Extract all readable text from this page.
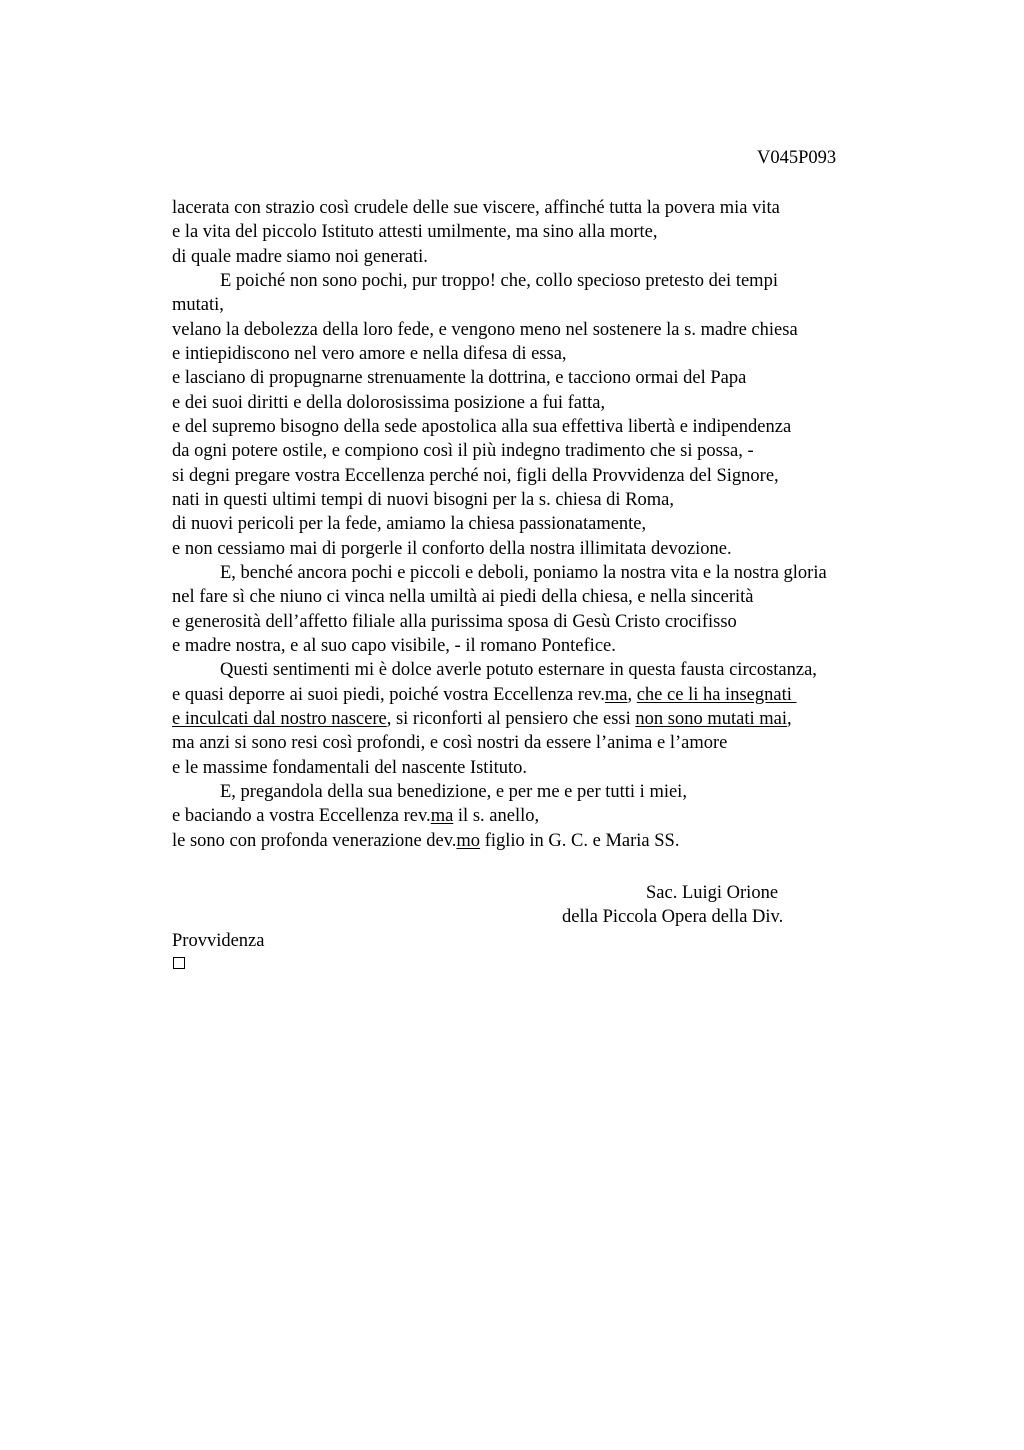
V045P093
lacerata con strazio così crudele delle sue viscere, affinché tutta la povera mia vita
e la vita del piccolo Istituto attesti umilmente, ma sino alla morte,
di quale madre siamo noi generati.
E poiché non sono pochi, pur troppo! che, collo specioso pretesto dei tempi
mutati,
velano la debolezza della loro fede, e vengono meno nel sostenere la s. madre chiesa
e intiepidiscono nel vero amore e nella difesa di essa,
e lasciano di propugnarne strenuamente la dottrina, e tacciono ormai del Papa
e dei suoi diritti e della dolorosissima posizione a fui fatta,
e del supremo bisogno della sede apostolica alla sua effettiva libertà e indipendenza
da ogni potere ostile, e compiono così il più indegno tradimento che si possa, -
si degni pregare vostra Eccellenza perché noi, figli della Provvidenza del Signore,
nati in questi ultimi tempi di nuovi bisogni per la s. chiesa di Roma,
di nuovi pericoli per la fede, amiamo la chiesa passionatamente,
e non cessiamo mai di porgerle il conforto della nostra illimitata devozione.
E, benché ancora pochi e piccoli e deboli, poniamo la nostra vita e la nostra gloria
nel fare sì che niuno ci vinca nella umiltà ai piedi della chiesa, e nella sincerità
e generosità dell’affetto filiale alla purissima sposa di Gesù Cristo crocifisso
e madre nostra, e al suo capo visibile, - il romano Pontefice.
Questi sentimenti mi è dolce averle potuto esternare in questa fausta circostanza,
e quasi deporre ai suoi piedi, poiché vostra Eccellenza rev.ma, che ce li ha insegnati
e inculcati dal nostro nascere, si riconforti al pensiero che essi non sono mutati mai,
ma anzi si sono resi così profondi, e così nostri da essere l’anima e l’amore
e le massime fondamentali del nascente Istituto.
E, pregandola della sua benedizione, e per me e per tutti i miei,
e baciando a vostra Eccellenza rev.ma il s. anello,
le sono con profonda venerazione dev.mo figlio in G. C. e Maria SS.
Sac. Luigi Orione
della Piccola Opera della Div.
Provvidenza
